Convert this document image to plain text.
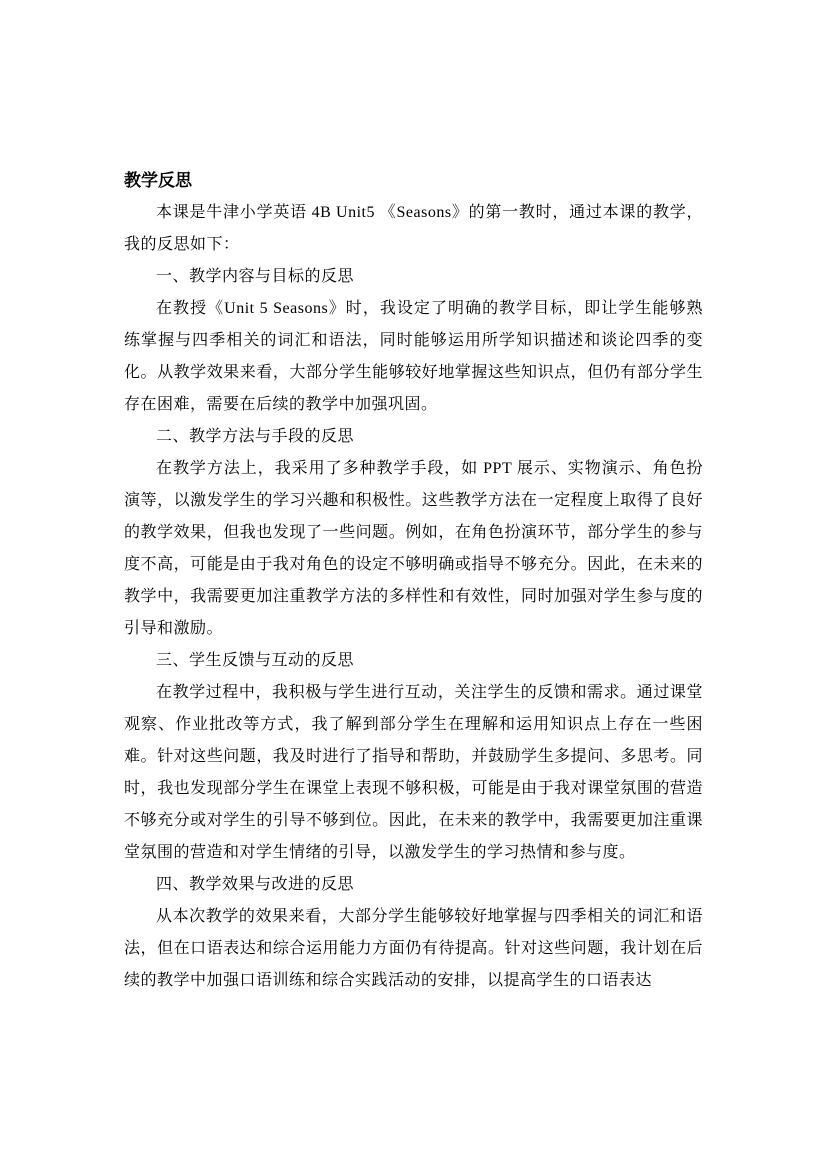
教学反思

本课是牛津小学英语 4B Unit5 《Seasons》的第一教时，通过本课的教学，我的反思如下：

一、教学内容与目标的反思

在教授《Unit 5 Seasons》时，我设定了明确的教学目标，即让学生能够熟练掌握与四季相关的词汇和语法，同时能够运用所学知识描述和谈论四季的变化。从教学效果来看，大部分学生能够较好地掌握这些知识点，但仍有部分学生存在困难，需要在后续的教学中加强巩固。

二、教学方法与手段的反思

在教学方法上，我采用了多种教学手段，如 PPT 展示、实物演示、角色扮演等，以激发学生的学习兴趣和积极性。这些教学方法在一定程度上取得了良好的教学效果，但我也发现了一些问题。例如，在角色扮演环节，部分学生的参与度不高，可能是由于我对角色的设定不够明确或指导不够充分。因此，在未来的教学中，我需要更加注重教学方法的多样性和有效性，同时加强对学生参与度的引导和激励。

三、学生反馈与互动的反思

在教学过程中，我积极与学生进行互动，关注学生的反馈和需求。通过课堂观察、作业批改等方式，我了解到部分学生在理解和运用知识点上存在一些困难。针对这些问题，我及时进行了指导和帮助，并鼓励学生多提问、多思考。同时，我也发现部分学生在课堂上表现不够积极，可能是由于我对课堂氛围的营造不够充分或对学生的引导不够到位。因此，在未来的教学中，我需要更加注重课堂氛围的营造和对学生情绪的引导，以激发学生的学习热情和参与度。

四、教学效果与改进的反思

从本次教学的效果来看，大部分学生能够较好地掌握与四季相关的词汇和语法，但在口语表达和综合运用能力方面仍有待提高。针对这些问题，我计划在后续的教学中加强口语训练和综合实践活动的安排，以提高学生的口语表达
